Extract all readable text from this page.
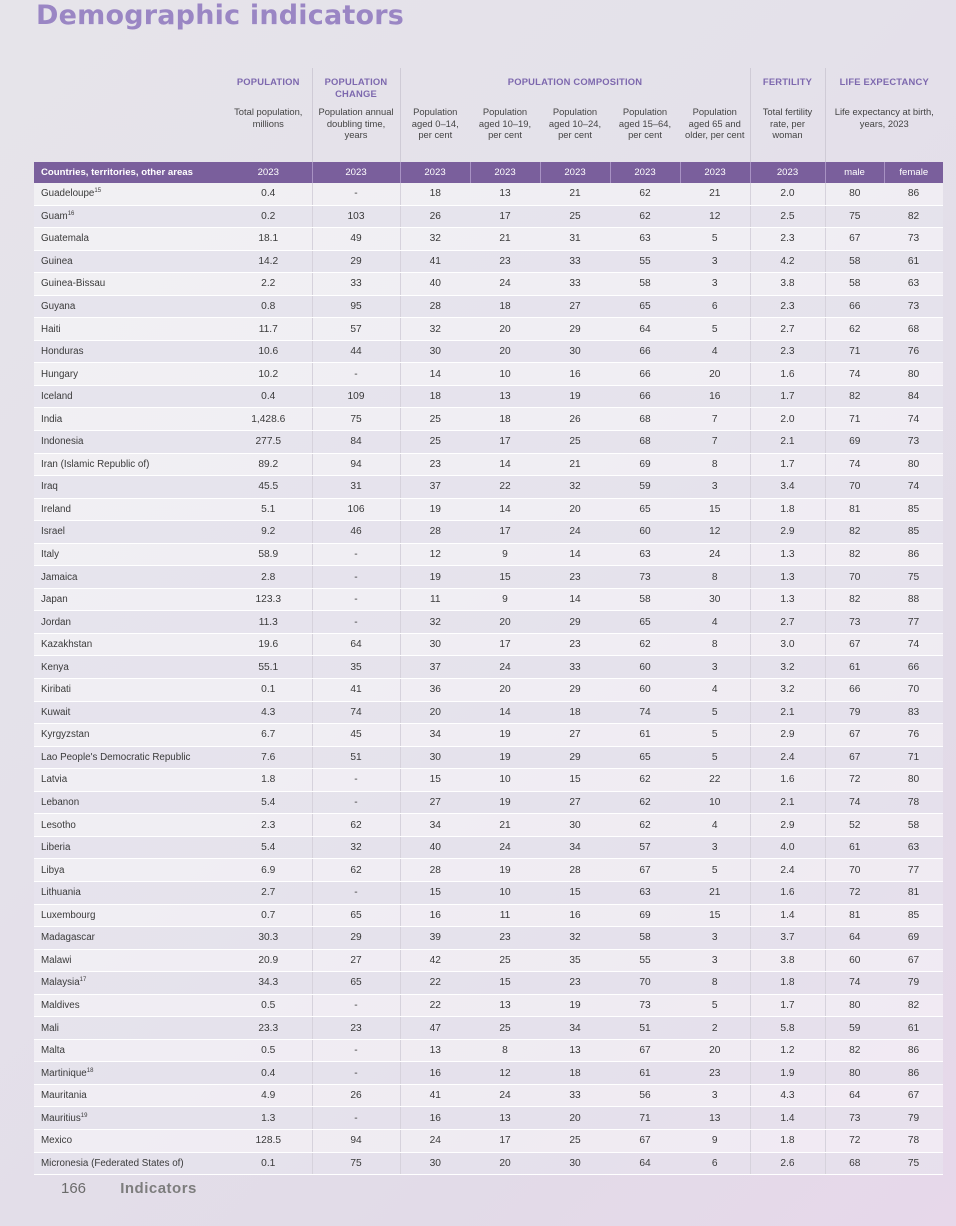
Demographic indicators
	POPULATION	POPULATION CHANGE	POPULATION COMPOSITION					FERTILITY	LIFE EXPECTANCY	
	Total population, millions	Population annual doubling time, years	Population aged 0–14, per cent	Population aged 10–19, per cent	Population aged 10–24, per cent	Population aged 15–64, per cent	Population aged 65 and older, per cent	Total fertility rate, per woman	Life expectancy at birth, years, 2023	
Countries, territories, other areas	2023	2023	2023	2023	2023	2023	2023	2023	male	female
Guadeloupe$^{15}$	0.4	-	18	13	21	62	21	2.0	80	86
Guam$^{16}$	0.2	103	26	17	25	62	12	2.5	75	82
Guatemala	18.1	49	32	21	31	63	5	2.3	67	73
Guinea	14.2	29	41	23	33	55	3	4.2	58	61
Guinea-Bissau	2.2	33	40	24	33	58	3	3.8	58	63
Guyana	0.8	95	28	18	27	65	6	2.3	66	73
Haiti	11.7	57	32	20	29	64	5	2.7	62	68
Honduras	10.6	44	30	20	30	66	4	2.3	71	76
Hungary	10.2	-	14	10	16	66	20	1.6	74	80
Iceland	0.4	109	18	13	19	66	16	1.7	82	84
India	1,428.6	75	25	18	26	68	7	2.0	71	74
Indonesia	277.5	84	25	17	25	68	7	2.1	69	73
Iran (Islamic Republic of)	89.2	94	23	14	21	69	8	1.7	74	80
Iraq	45.5	31	37	22	32	59	3	3.4	70	74
Ireland	5.1	106	19	14	20	65	15	1.8	81	85
Israel	9.2	46	28	17	24	60	12	2.9	82	85
Italy	58.9	-	12	9	14	63	24	1.3	82	86
Jamaica	2.8	-	19	15	23	73	8	1.3	70	75
Japan	123.3	-	11	9	14	58	30	1.3	82	88
Jordan	11.3	-	32	20	29	65	4	2.7	73	77
Kazakhstan	19.6	64	30	17	23	62	8	3.0	67	74
Kenya	55.1	35	37	24	33	60	3	3.2	61	66
Kiribati	0.1	41	36	20	29	60	4	3.2	66	70
Kuwait	4.3	74	20	14	18	74	5	2.1	79	83
Kyrgyzstan	6.7	45	34	19	27	61	5	2.9	67	76
Lao People's Democratic Republic	7.6	51	30	19	29	65	5	2.4	67	71
Latvia	1.8	-	15	10	15	62	22	1.6	72	80
Lebanon	5.4	-	27	19	27	62	10	2.1	74	78
Lesotho	2.3	62	34	21	30	62	4	2.9	52	58
Liberia	5.4	32	40	24	34	57	3	4.0	61	63
Libya	6.9	62	28	19	28	67	5	2.4	70	77
Lithuania	2.7	-	15	10	15	63	21	1.6	72	81
Luxembourg	0.7	65	16	11	16	69	15	1.4	81	85
Madagascar	30.3	29	39	23	32	58	3	3.7	64	69
Malawi	20.9	27	42	25	35	55	3	3.8	60	67
Malaysia$^{17}$	34.3	65	22	15	23	70	8	1.8	74	79
Maldives	0.5	-	22	13	19	73	5	1.7	80	82
Mali	23.3	23	47	25	34	51	2	5.8	59	61
Malta	0.5	-	13	8	13	67	20	1.2	82	86
Martinique$^{18}$	0.4	-	16	12	18	61	23	1.9	80	86
Mauritania	4.9	26	41	24	33	56	3	4.3	64	67
Mauritius$^{19}$	1.3	-	16	13	20	71	13	1.4	73	79
Mexico	128.5	94	24	17	25	67	9	1.8	72	78
Micronesia (Federated States of)	0.1	75	30	20	30	64	6	2.6	68	75
166 Indicators
